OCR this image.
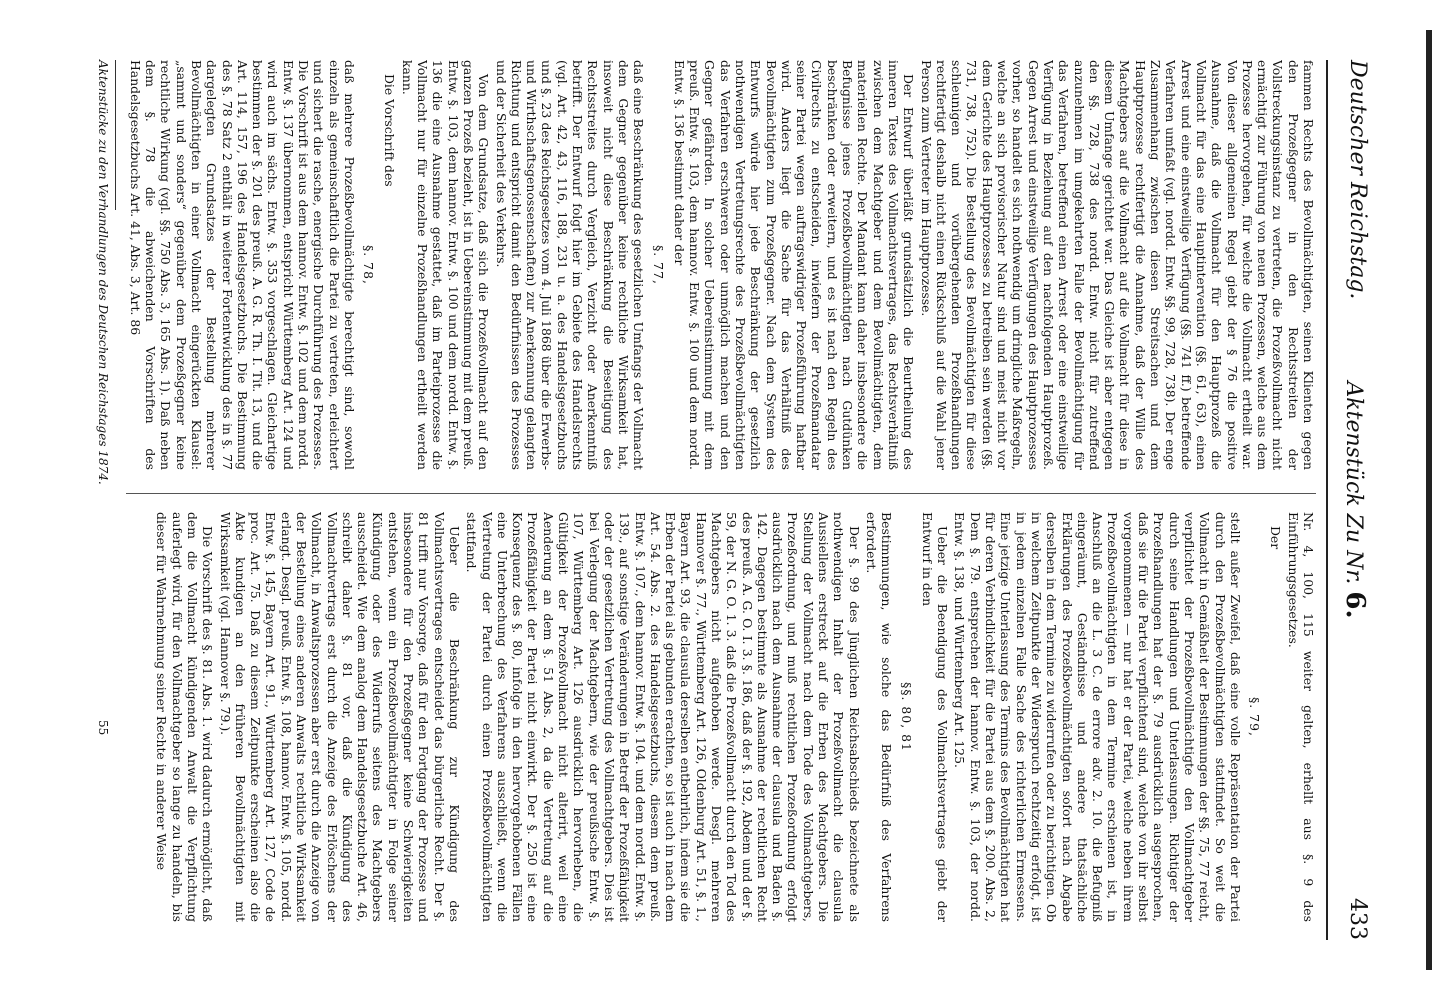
Deutscher Reichstag.
Aktenstück Zu Nr. 6.
433

fammen Rechts des Bevollmächtigten, seinen Klienten gegen den Prozeßgegner in den Rechtsstreiten der Vollstreckungsinstanz zu vertreten, die Prozeßvollmacht nicht ermächtigt zur Führung von neuen Prozessen, welche aus dem Prozesse hervorgehen, für welche die Vollmacht ertheilt war. Von dieser allgemeinen Regel giebt der § 76 die positive Ausnahme, daß die Vollmacht für den Hauptprozeß die Vollmacht für das eine Hauptintervention (§§. 61, 63), einen Arrest und eine einstweilige Verfügung (§§. 741 ff.) betreffende Verfahren umfaßt (vgl. nordd. Entw. §§. 99, 728, 738). Der enge Zusammenhang zwischen diesen Streitsachen und dem Hauptprozesse rechtfertigt die Annahme, daß der Wille des Machtgebers auf die Vollmacht auf die Vollmacht für diese in diesem Umfange gerichtet war. Das Gleiche ist aber entgegen den §§. 728, 738 des nordd. Entw. nicht für zutreffend anzunehmen im umgekehrten Falle der Bevollmächtigung für das Verfahren, betreffend einen Arrest oder eine einstweilige Verfügung in Beziehung auf den nachfolgenden Hauptprozeß. Gegen Arrest und einstweilige Verfügungen des Hauptprozesses vorher, so handelt es sich nothwendig um dringliche Maßregeln, welche an sich provisorischer Natur sind und meist nicht vor dem Gerichte des Hauptprozesses zu betreiben sein werden (§§. 731, 738, 752). Die Bestellung des Bevollmächtigten für diese schleunigen und vorübergehenden Prozeßhandlungen rechtfertigt deshalb nicht einen Rückschluß auf die Wahl jener Person zum Vertreter im Hauptprozesse.

Der Entwurf überläßt grundsätzlich die Beurtheilung des inneren Textes des Vollmachtsvertrages, das Rechtsverhältniß zwischen dem Machtgeber und dem Bevollmächtigten, dem materiellen Rechte. Der Mandant kann daher insbesondere die Befugnisse jenes Prozeßbevollmächtigten nach Gutdünken beschränken oder erweitern, und es ist nach den Regeln des Civilrechts zu entscheiden, inwiefern der Prozeßmandatar seiner Partei wegen auftragswidriger Prozeßführung haftbar wird. Anders liegt die Sache für das Verhältniß des Bevollmächtigten zum Prozeßgegner. Nach dem System des Entwurfs würde hier jede Beschränkung der gesetzlich nothwendigen Vertretungsrechte des Prozeßbevollmächtigten das Verfahren erschweren oder unmöglich machen und den Gegner gefährden. In solcher Uebereinstimmung mit dem preuß. Entw. §. 103, dem hannov. Entw. §. 100 und dem nordd. Entw. §. 136 bestimmt daher der

§. 77,

daß eine Beschränkung des gesetzlichen Umfangs der Vollmacht dem Gegner gegenüber keine rechtliche Wirksamkeit hat, insoweit nicht diese Beschränkung die Beseitigung des Rechtsstreites durch Vergleich, Verzicht oder Anerkenntniß betrifft. Der Entwurf folgt hier im Gebiete des Handelsrechts (vgl. Art. 42, 43, 116, 188, 231 u. a. des Handelsgesetzbuchs und §. 23 des Reichsgesetzes vom 4. Juli 1868 über die Erwerbs- und Wirthschaftsgenossenschaften) zur Anerkennung gelangten Richtung und entspricht damit den Bedürfnissen des Prozesses und der Sicherheit des Verkehrs.

Von dem Grundsatze, daß sich die Prozeßvollmacht auf den ganzen Prozeß bezieht, ist in Uebereinstimmung mit dem preuß. Entw. §. 103, dem hannov. Entw. §. 100 und dem nordd. Entw. §. 136 die eine Ausnahme gestattet, daß im Parteiprozesse die Vollmacht nur für einzelne Prozeßhandlungen ertheilt werden kann.

Die Vorschrift des

§. 78,

daß mehrere Prozeßbevollmächtigte berechtigt sind, sowohl einzeln als gemeinschaftlich die Partei zu vertreten, erleichtert und sichert die rasche, energische Durchführung des Prozesses. Die Vorschrift ist aus dem hannov. Entw. §. 102 und dem nordd. Entw. §. 137 übernommen, entspricht Württemberg Art. 124 und wird auch im sächs. Entw. §. 353 vorgeschlagen. Gleichartige bestimmen der §. 201 des preuß. A. G. R. Th. I. Tit. 13, und die Art. 114, 157, 196 des Handelsgesetzbuchs. Die Bestimmung des §. 78 Satz 2 enthält in weiterer Fortentwicklung des in §. 77 dargelegten Grundsatzes der Bestellung mehrerer Bevollmächtigten in einer Vollmacht eingerückten Klausel: „sammt und sonders“ gegenüber dem Prozeßgegner keine rechtliche Wirkung (vgl. §§. 750 Abs. 3, 165 Abs. 1). Daß neben dem §. 78 die abweichenden Vorschriften des Handelsgesetzbuchs Art. 41, Abs. 3, Art. 86

Nr. 4, 100, 115 weiter gelten, erhellt aus §. 9 des Einführungsgesetzes.

Der

§. 79,

stellt außer Zweifel, daß eine volle Repräsentation der Partei durch den Prozeßbevollmächtigten stattfindet. So weit die Vollmacht in Gemäßheit der Bestimmungen der §§. 75, 77 reicht, verpflichtet der Prozeßbevollmächtigte den Vollmachtgeber durch seine Handlungen und Unterlassungen. Richtiger der Prozeßhandlungen hat der §. 79 ausdrücklich ausgesprochen, daß sie für die Partei verpflichtend sind, welche von ihr selbst vorgenommenen — nur hat er der Partei, welche neben ihrem Prozeßbevollmächtigten in dem Termine erschienen ist, in Anschluß an die L. 3 C. de errore adv. 2. 10. die Befugniß eingeräumt, Geständnisse und andere thatsächliche Erklärungen des Prozeßbevollmächtigten sofort nach Abgabe derselben in dem Termine zu widerrufen oder zu berichtigen. Ob in welchem Zeitpunkte der Widerspruch rechtzeitig erfolgt, ist in jedem einzelnen Falle Sache des richterlichen Ermessens. Eine jetzige Unterlassung des Termins des Bevollmächtigten hat für deren Verbindlichkeit für die Partei aus dem §. 200. Abs. 2, Dem §. 79. entsprechen der hannov. Entw. §. 103, der nordd. Entw. §. 138, und Württemberg Art. 125.

Ueber die Beendigung des Vollmachtsvertrages giebt der Entwurf in den

§§. 80, 81

Bestimmungen, wie solche das Bedürfniß des Verfahrens erfordert.

Der §. 99 des Jünglichen Reichsabschieds bezeichnete als nothwendigen Inhalt der Prozeßvollmacht die clausula Aussiellens erstreckt auf die Erben des Machtgebers. Die Stellung der Vollmacht nach dem Tode des Vollmachtgebers, Prozeßordnung, und muß rechtlichen Prozeßordnung erfolgt ausdrücklich nach dem Ausnahme der clausula und Baden §. 142. Dagegen bestimmte als Ausnahme der rechtlichen Recht des preuß. A. G. O. I. 3. §. 186, daß der §. 192, Abdem und der §. 59, der N. G. O. 1. 3. daß die Prozeßvollmacht durch den Tod des Machtgebers nicht aufgehoben werde. Desgl. mehreren Hannover §. 77., Württemberg Art. 126, Oldenburg Art. 51, §. 1., Bayern Art. 93, die clausula derselben entbehrlich, indem sie die Erben der Partei als gebunden erachten, so ist auch in nach dem Art. 54. Abs. 2. des Handelsgesetzbuchs, diesem dem preuß. Entw. §. 107., dem hannov. Entw. §. 104. und dem nordd. Entw. §. 139., auf sonstige Veränderungen in Betreff der Prozeßfähigkeit oder der gesetzlichen Vertretung des Vollmachtgebers. Dies ist bei Verlegung der Machtgebern, wie der preußische Entw. §. 107, Württemberg Art. 126 ausdrücklich hervorheben, die Gültigkeit der Prozeßvollmacht nicht alterirt, weil eine Aenderung an dem §. 51 Abs. 2, da die Vertretung auf die Prozeßfähigkeit der Partei nicht einwirkt. Der §. 250 ist eine Konsequenz des §. 80, infolge in den hervorgehobenen Fällen eine Unterbrechung des Verfahrens ausschließt, wenn die Vertretung der Partei durch einen Prozeßbevollmächtigten stattfand.

Ueber die Beschränkung zur Kündigung des Vollmachtsvertrages entscheidet das bürgerliche Recht. Der §. 81 trifft nur Vorsorge, daß für den Fortgang der Prozesse und insbesondere für den Prozeßgegner keine Schwierigkeiten entstehen, wenn ein Prozeßbevollmächtigter in Folge seiner Kündigung oder des Widerrufs seitens des Machtgebers ausscheidet. Wie dem analog dem Handelsgesetzbuche Art. 46, schreibt daher §. 81 vor, daß die Kündigung des Vollmachtvertrags erst durch die Anzeige des Erlöschens der Vollmacht, in Anwaltsprozessen aber erst durch die Anzeige von der Bestellung eines anderen Anwalts rechtliche Wirksamkeit erlangt. Desgl. preuß. Entw. §. 108, hannov. Entw. §. 105, nordd. Entw. §. 145, Bayern Art. 91., Württemberg Art. 127, Code de proc. Art. 75. Daß zu diesem Zeitpunkte erscheinen also die Akte kundigen an den früheren Bevollmächtigten mit Wirksamkeit (vgl. Hannover §. 79.).

Die Vorschrift des §. 81. Abs. 1. wird dadurch ermöglicht, daß dem die Vollmacht kündigenden Anwalt die Verpflichtung auferlegt wird, für den Vollmachtgeber so lange zu handeln, bis dieser für Wahrnehmung seiner Rechte in anderer Weise

Aktenstücke zu den Verhandlungen des Deutschen Reichstages 1874.
55
